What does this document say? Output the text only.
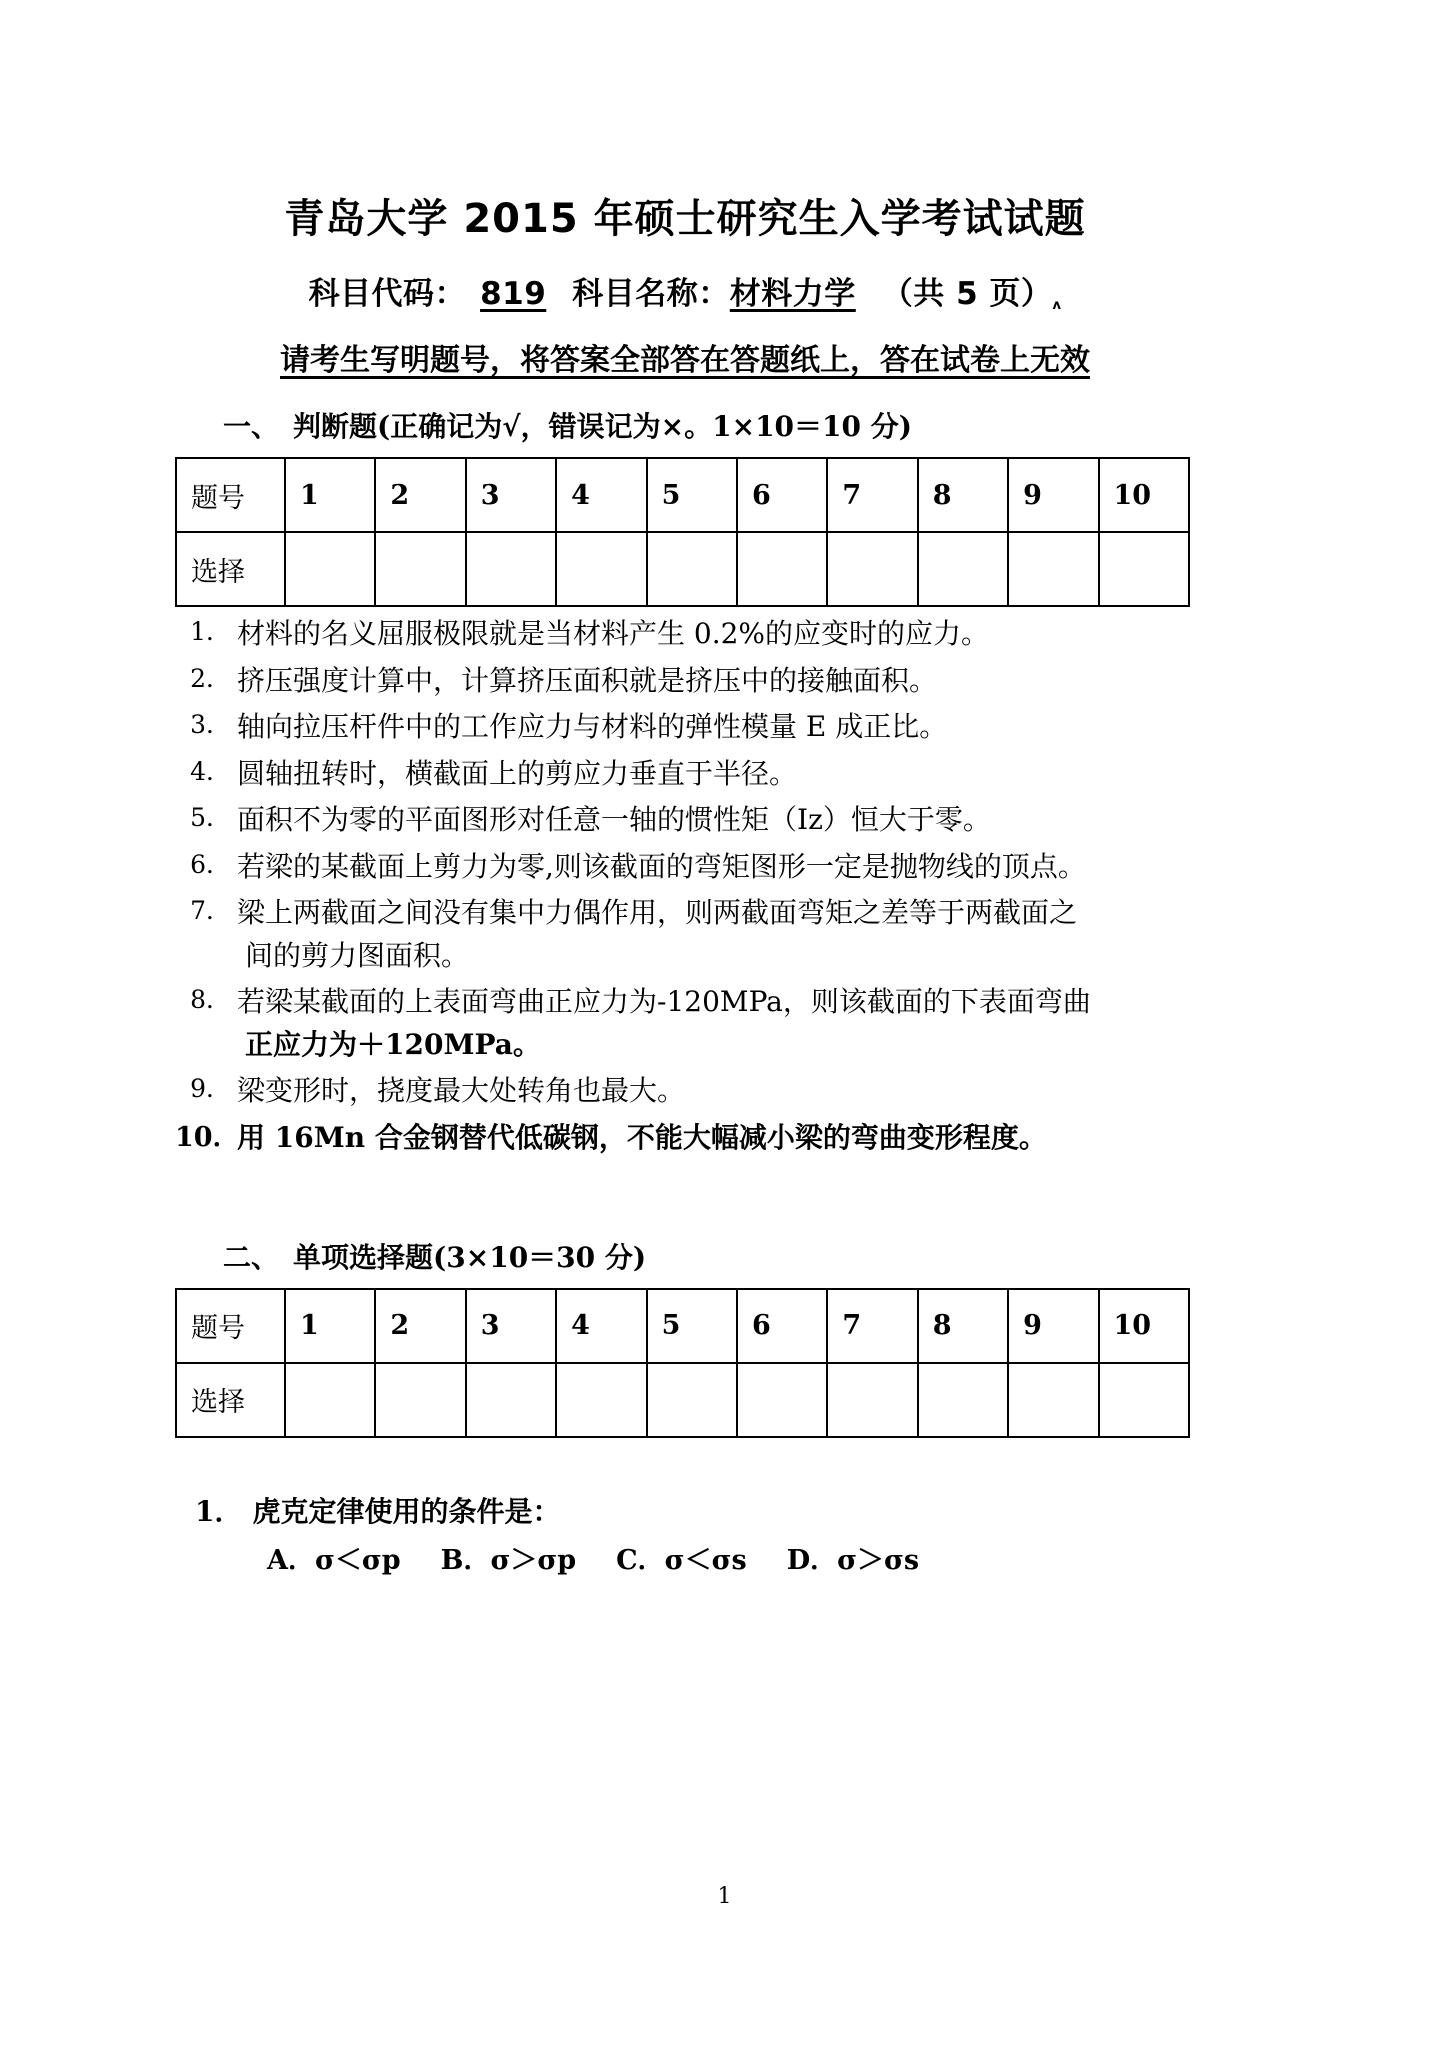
青岛大学 2015 年硕士研究生入学考试试题
科目代码： 819 科目名称：材料力学 （共 5 页）ʌ
请考生写明题号，将答案全部答在答题纸上，答在试卷上无效
一、 判断题(正确记为√，错误记为×。1×10＝10 分)
题号	1	2	3	4	5	6	7	8	9	10
选择										
1． 材料的名义屈服极限就是当材料产生 0.2%的应变时的应力。
2． 挤压强度计算中，计算挤压面积就是挤压中的接触面积。
3． 轴向拉压杆件中的工作应力与材料的弹性模量 E 成正比。
4． 圆轴扭转时，横截面上的剪应力垂直于半径。
5． 面积不为零的平面图形对任意一轴的惯性矩（Iz）恒大于零。
6． 若梁的某截面上剪力为零,则该截面的弯矩图形一定是抛物线的顶点。
7． 梁上两截面之间没有集中力偶作用，则两截面弯矩之差等于两截面之
间的剪力图面积。
8． 若梁某截面的上表面弯曲正应力为-120MPa，则该截面的下表面弯曲
正应力为＋120MPa。
9． 梁变形时，挠度最大处转角也最大。
10．
用 16Mn 合金钢替代低碳钢，不能大幅减小梁的弯曲变形程度。
二、 单项选择题(3×10＝30 分)
题号	1	2	3	4	5	6	7	8	9	10
选择										
1． 虎克定律使用的条件是：
A．σ＜σp B．σ＞σp C．σ＜σs D．σ＞σs
1
